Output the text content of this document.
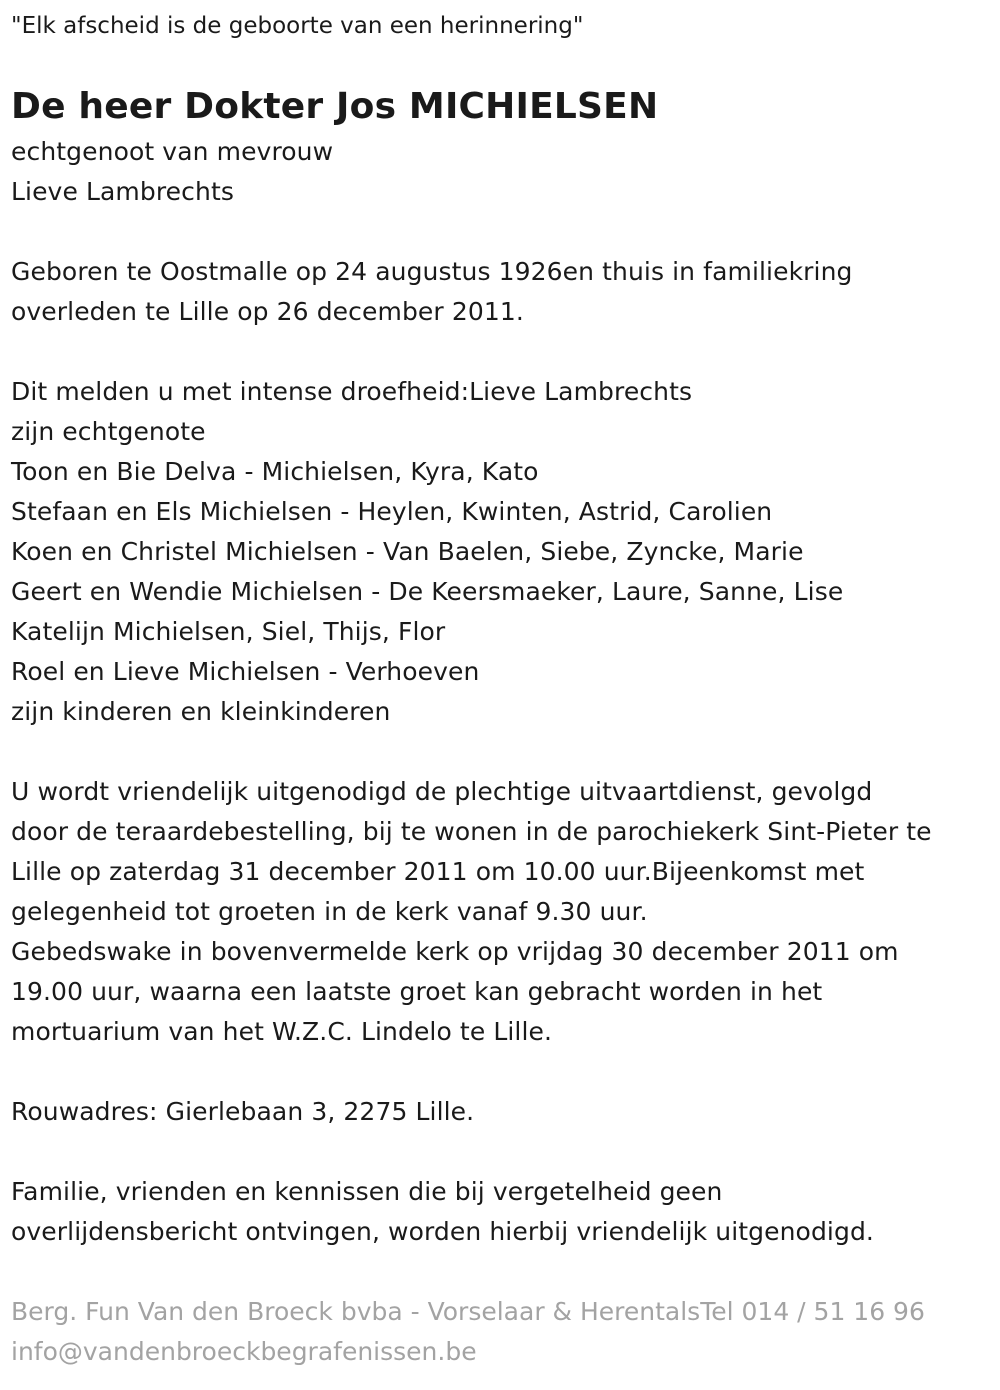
"Elk afscheid is de geboorte van een herinnering"
De heer Dokter Jos MICHIELSEN
echtgenoot van mevrouw
Lieve Lambrechts
Geboren te Oostmalle op 24 augustus 1926en thuis in familiekring
overleden te Lille op 26 december 2011.
Dit melden u met intense droefheid:Lieve Lambrechts
zijn echtgenote
Toon en Bie Delva - Michielsen, Kyra, Kato
Stefaan en Els Michielsen - Heylen, Kwinten, Astrid, Carolien
Koen en Christel Michielsen - Van Baelen, Siebe, Zyncke, Marie
Geert en Wendie Michielsen - De Keersmaeker, Laure, Sanne, Lise
Katelijn Michielsen, Siel, Thijs, Flor
Roel en Lieve Michielsen - Verhoeven
zijn kinderen en kleinkinderen
U wordt vriendelijk uitgenodigd de plechtige uitvaartdienst, gevolgd
door de teraardebestelling, bij te wonen in de parochiekerk Sint-Pieter te
Lille op zaterdag 31 december 2011 om 10.00 uur.Bijeenkomst met
gelegenheid tot groeten in de kerk vanaf 9.30 uur.
Gebedswake in bovenvermelde kerk op vrijdag 30 december 2011 om
19.00 uur, waarna een laatste groet kan gebracht worden in het
mortuarium van het W.Z.C. Lindelo te Lille.
Rouwadres: Gierlebaan 3, 2275 Lille.
Familie, vrienden en kennissen die bij vergetelheid geen
overlijdensbericht ontvingen, worden hierbij vriendelijk uitgenodigd.
Berg. Fun Van den Broeck bvba - Vorselaar & HerentalsTel 014 / 51 16 96
info@vandenbroeckbegrafenissen.be
